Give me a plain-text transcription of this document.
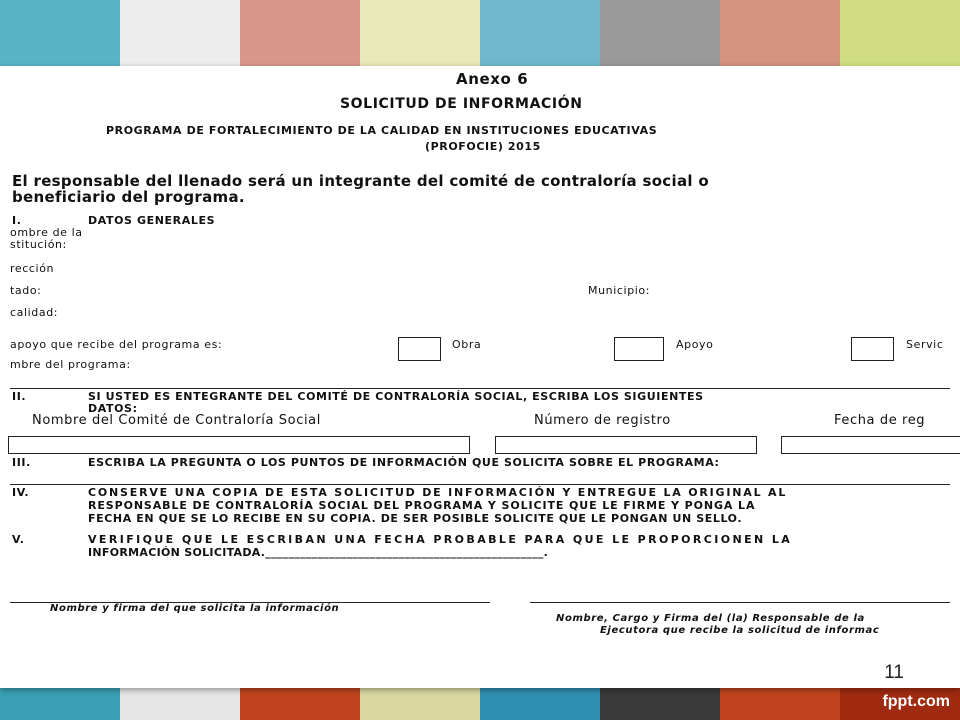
fppt.com
Anexo 6
SOLICITUD DE INFORMACIÓN
PROGRAMA DE FORTALECIMIENTO DE LA CALIDAD EN INSTITUCIONES EDUCATIVAS
(PROFOCIE) 2015
El responsable del llenado será un integrante del comité de contraloría social o
beneficiario del programa.
I.	DATOS GENERALES
ombre de la
stitución:
rección
tado:	Municipio:
calidad:
apoyo que recibe del programa es:	Obra	Apoyo	Servic
mbre del programa:
II.	SI USTED ES ENTEGRANTE DEL COMITÉ DE CONTRALORÍA SOCIAL, ESCRIBA LOS SIGUIENTES
DATOS:
Nombre del Comité de Contraloría Social	Número de registro	Fecha de reg
III.	ESCRIBA LA PREGUNTA O LOS PUNTOS DE INFORMACIÓN QUE SOLICITA SOBRE EL PROGRAMA:
IV.	CONSERVE UNA COPIA DE ESTA SOLICITUD DE INFORMACIÓN Y ENTREGUE LA ORIGINAL AL
RESPONSABLE DE CONTRALORÍA SOCIAL DEL PROGRAMA Y SOLICITE QUE LE FIRME Y PONGA LA
FECHA EN QUE SE LO RECIBE EN SU COPIA. DE SER POSIBLE SOLICITE QUE LE PONGAN UN SELLO.
V.	VERIFIQUE QUE LE ESCRIBAN UNA FECHA PROBABLE PARA QUE LE PROPORCIONEN LA
INFORMACIÓN SOLICITADA.________________________________________________.
Nombre y firma del que solicita la información
Nombre, Cargo y Firma del (la) Responsable de la
Ejecutora que recibe la solicitud de informac
11
